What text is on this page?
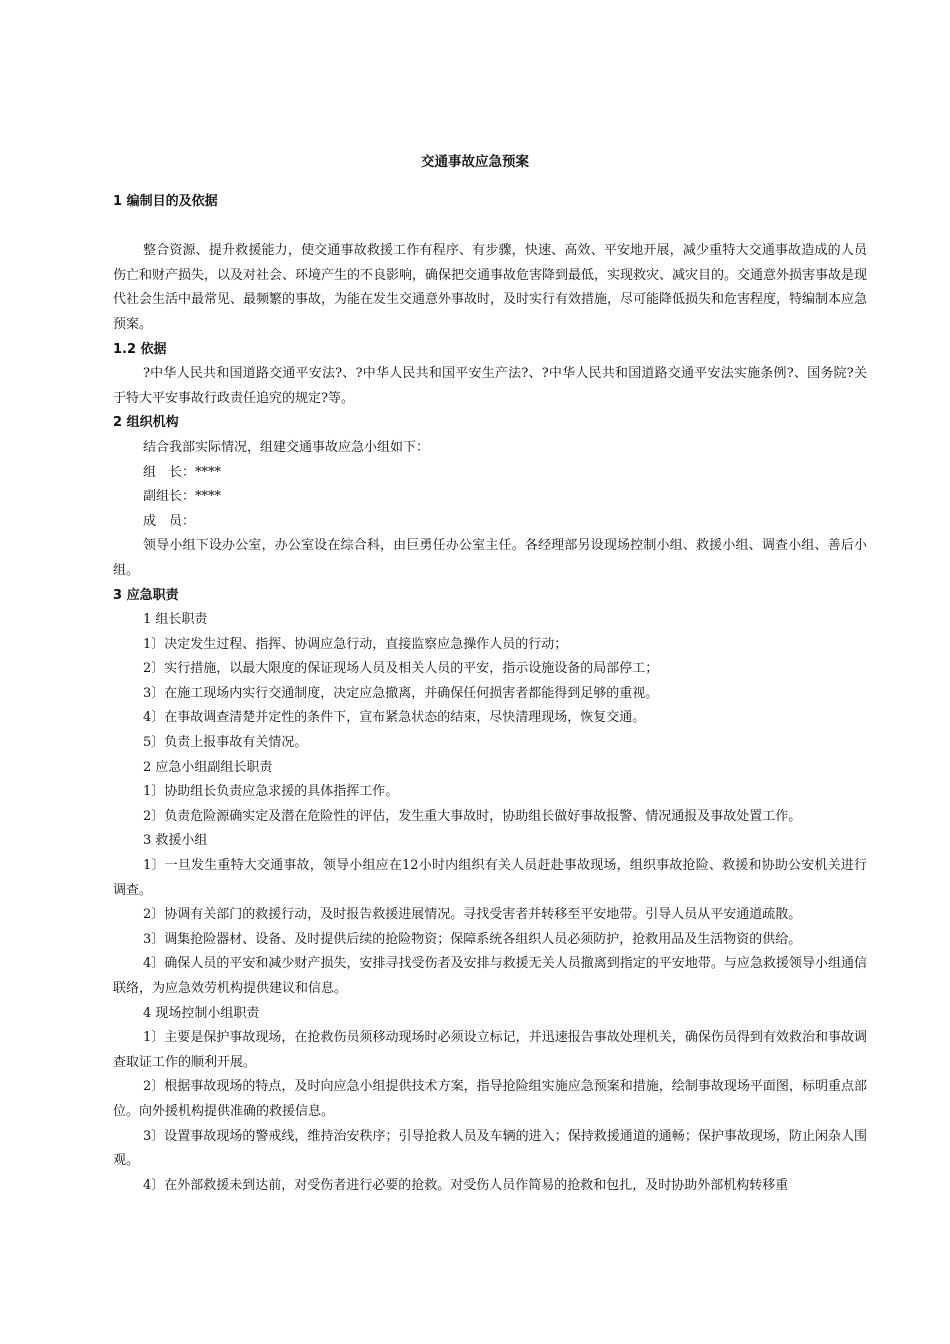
交通事故应急预案
1 编制目的及依据
整合资源、提升救援能力，使交通事故救援工作有程序、有步骤，快速、高效、平安地开展，减少重特大交通事故造成的人员伤亡和财产损失，以及对社会、环境产生的不良影响，确保把交通事故危害降到最低，实现救灾、减灾目的。交通意外损害事故是现代社会生活中最常见、最频繁的事故，为能在发生交通意外事故时，及时实行有效措施，尽可能降低损失和危害程度，特编制本应急预案。
1.2 依据
?中华人民共和国道路交通平安法?、?中华人民共和国平安生产法?、?中华人民共和国道路交通平安法实施条例?、国务院?关于特大平安事故行政责任追究的规定?等。
2 组织机构
结合我部实际情况，组建交通事故应急小组如下：
组　长：****
副组长：****
成　员：
领导小组下设办公室，办公室设在综合科，由巨勇任办公室主任。各经理部另设现场控制小组、救援小组、调查小组、善后小组。
3 应急职责
1 组长职责
1〕决定发生过程、指挥、协调应急行动，直接监察应急操作人员的行动；
2〕实行措施，以最大限度的保证现场人员及相关人员的平安，指示设施设备的局部停工；
3〕在施工现场内实行交通制度，决定应急撤离，并确保任何损害者都能得到足够的重视。
4〕在事故调查清楚并定性的条件下，宣布紧急状态的结束，尽快清理现场，恢复交通。
5〕负责上报事故有关情况。
2 应急小组副组长职责
1〕协助组长负责应急求援的具体指挥工作。
2〕负责危险源确实定及潜在危险性的评估，发生重大事故时，协助组长做好事故报警、情况通报及事故处置工作。
3 救援小组
1〕一旦发生重特大交通事故，领导小组应在12小时内组织有关人员赶赴事故现场，组织事故抢险、救援和协助公安机关进行调查。
2〕协调有关部门的救援行动，及时报告救援进展情况。寻找受害者并转移至平安地带。引导人员从平安通道疏散。
3〕调集抢险器材、设备、及时提供后续的抢险物资；保障系统各组织人员必须防护，抢救用品及生活物资的供给。
4〕确保人员的平安和减少财产损失，安排寻找受伤者及安排与救援无关人员撤离到指定的平安地带。与应急救援领导小组通信联络，为应急效劳机构提供建议和信息。
4 现场控制小组职责
1〕主要是保护事故现场，在抢救伤员须移动现场时必须设立标记，并迅速报告事故处理机关，确保伤员得到有效救治和事故调查取证工作的顺利开展。
2〕根据事故现场的特点，及时向应急小组提供技术方案，指导抢险组实施应急预案和措施，绘制事故现场平面图，标明重点部位。向外援机构提供准确的救援信息。
3〕设置事故现场的警戒线，维持治安秩序；引导抢救人员及车辆的进入；保持救援通道的通畅；保护事故现场，防止闲杂人围观。
4〕在外部救援未到达前，对受伤者进行必要的抢救。对受伤人员作简易的抢救和包扎，及时协助外部机构转移重
